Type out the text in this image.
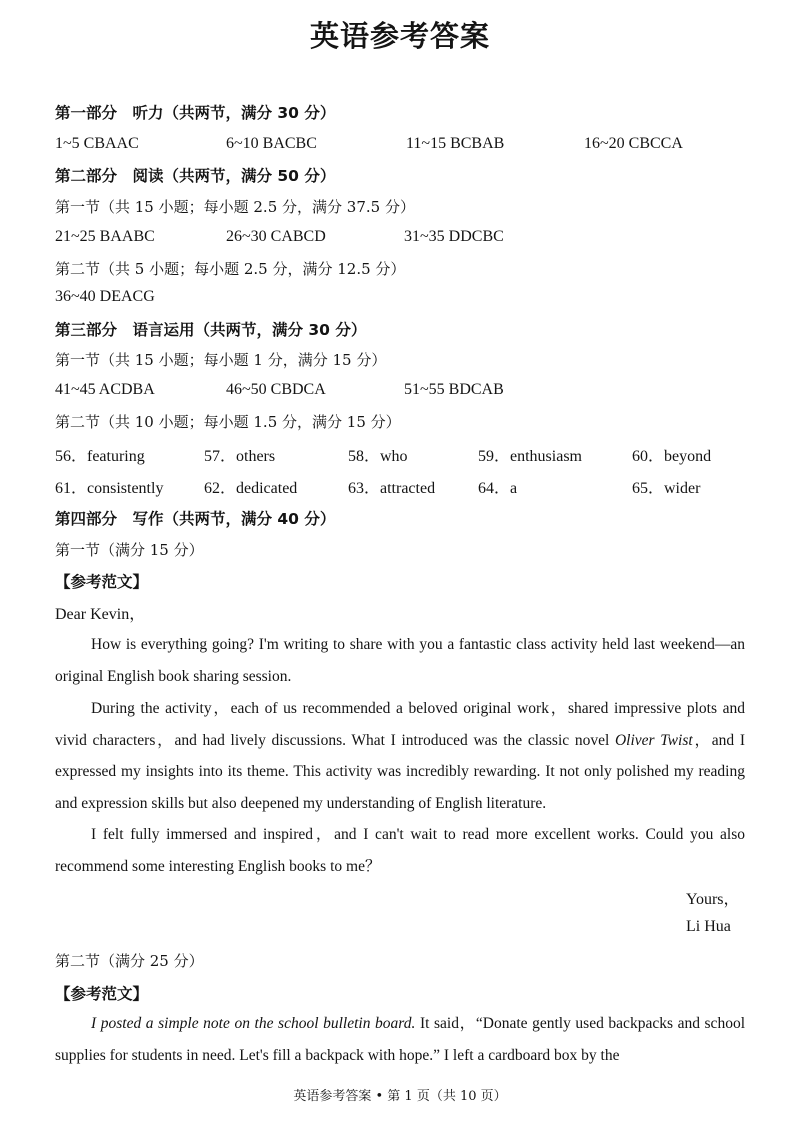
英语参考答案
第一部分　听力（共两节，满分 30 分）
1~5 CBAAC	6~10 BACBC	11~15 BCBAB	16~20 CBCCA
第二部分　阅读（共两节，满分 50 分）
第一节（共 15 小题；每小题 2.5 分，满分 37.5 分）
21~25 BAABC	26~30 CABCD	31~35 DDCBC
第二节（共 5 小题；每小题 2.5 分，满分 12.5 分）
36~40 DEACG
第三部分　语言运用（共两节，满分 30 分）
第一节（共 15 小题；每小题 1 分，满分 15 分）
41~45 ACDBA	46~50 CBDCA	51~55 BDCAB
第二节（共 10 小题；每小题 1.5 分，满分 15 分）
56．featuring	57．others	58．who	59．enthusiasm	60．beyond
61．consistently	62．dedicated	63．attracted	64．a	65．wider
第四部分　写作（共两节，满分 40 分）
第一节（满分 15 分）
【参考范文】
Dear Kevin，
How is everything going? I'm writing to share with you a fantastic class activity held last weekend—an original English book sharing session.
During the activity，each of us recommended a beloved original work，shared impressive plots and vivid characters，and had lively discussions. What I introduced was the classic novel Oliver Twist，and I expressed my insights into its theme. This activity was incredibly rewarding. It not only polished my reading and expression skills but also deepened my understanding of English literature.
I felt fully immersed and inspired，and I can't wait to read more excellent works. Could you also recommend some interesting English books to me？
Yours，
Li Hua
第二节（满分 25 分）
【参考范文】
I posted a simple note on the school bulletin board. It said，“Donate gently used backpacks and school supplies for students in need. Let's fill a backpack with hope.” I left a cardboard box by the
英语参考答案 • 第 1 页（共 10 页）
